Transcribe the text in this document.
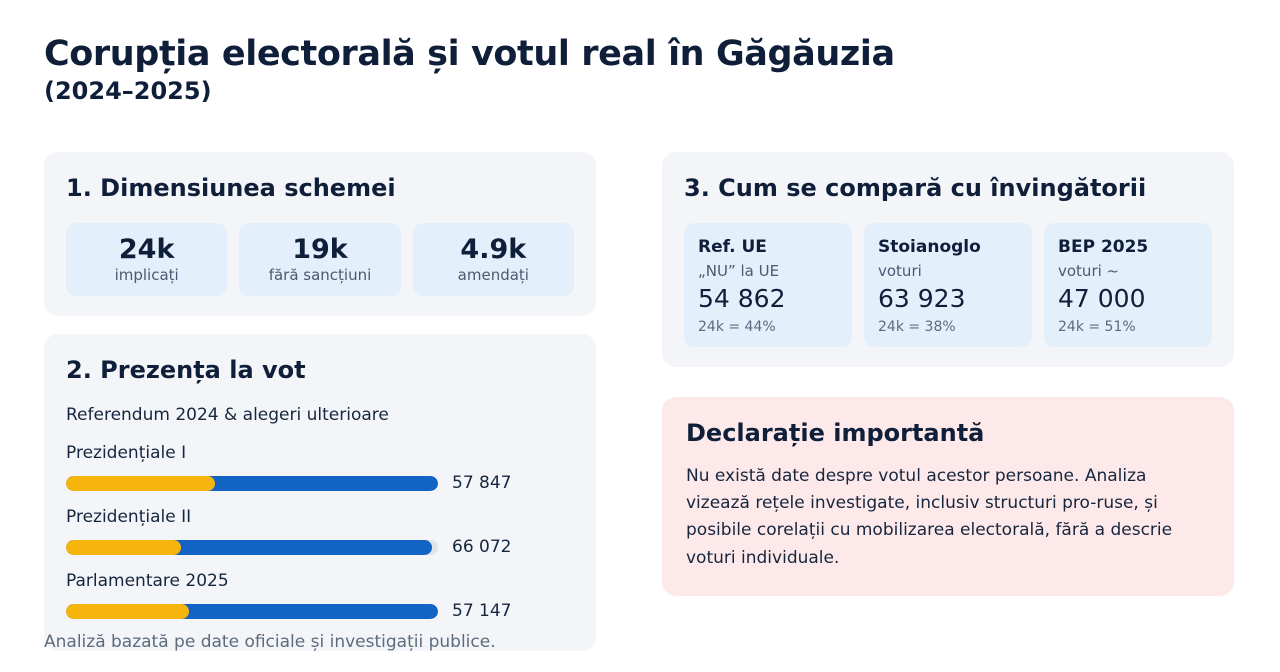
Corupția electorală și votul real în Găgăuzia
(2024–2025)
1. Dimensiunea schemei
24k
implicați
19k
fără sancțiuni
4.9k
amendați
2. Prezența la vot
Referendum 2024 & alegeri ulterioare
Prezidențiale I
57 847
Prezidențiale II
66 072
Parlamentare 2025
57 147
3. Cum se compară cu învingătorii
Ref. UE
„NU” la UE
54 862
24k = 44%
Stoianoglo
voturi
63 923
24k = 38%
BEP 2025
voturi ~
47 000
24k = 51%
Declarație importantă

Nu există date despre votul acestor persoane. Analiza vizează rețele investigate, inclusiv structuri pro-ruse, și posibile corelații cu mobilizarea electorală, fără a descrie voturi individuale.

Analiză bazată pe date oficiale și investigații publice.
